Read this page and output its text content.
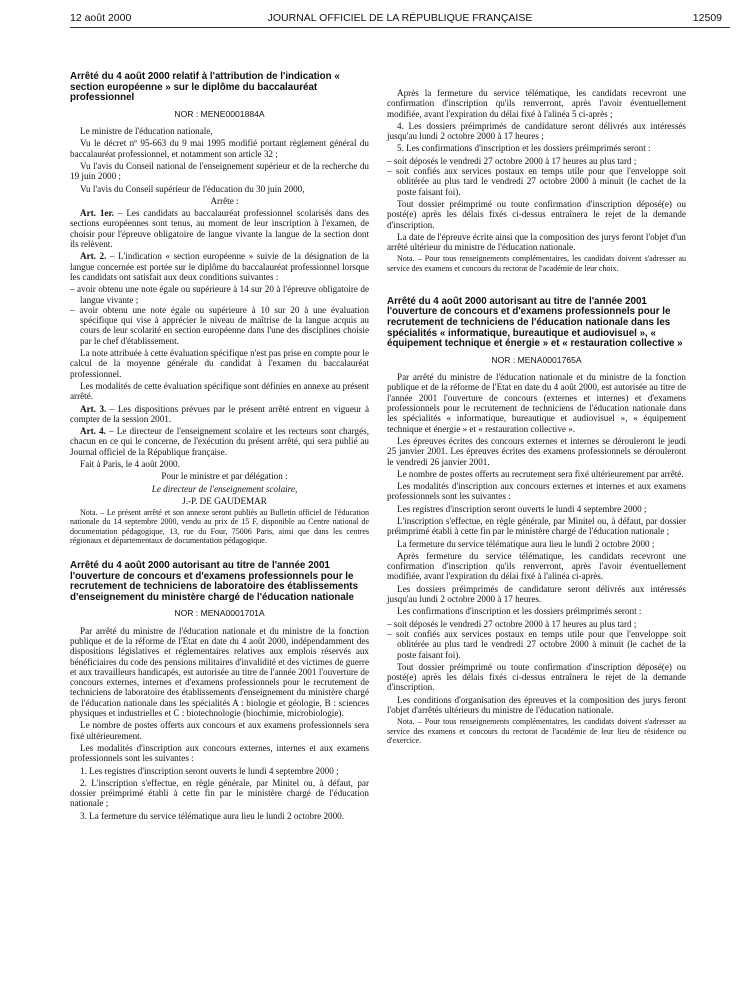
12 août 2000	JOURNAL OFFICIEL DE LA RÉPUBLIQUE FRANÇAISE	12509
Arrêté du 4 août 2000 relatif à l'attribution de l'indication « section européenne » sur le diplôme du baccalauréat professionnel
NOR : MENE0001884A

Le ministre de l'éducation nationale,

Vu le décret nº 95-663 du 9 mai 1995 modifié portant règlement général du baccalauréat professionnel, et notamment son article 32 ;

Vu l'avis du Conseil national de l'enseignement supérieur et de la recherche du 19 juin 2000 ;

Vu l'avis du Conseil supérieur de l'éducation du 30 juin 2000,

Arrête :

Art. 1er. – Les candidats au baccalauréat professionnel scolarisés dans des sections européennes sont tenus, au moment de leur inscription à l'examen, de choisir pour l'épreuve obligatoire de langue vivante la langue de la section dont ils relèvent.

Art. 2. – L'indication « section européenne » suivie de la désignation de la langue concernée est portée sur le diplôme du baccalauréat professionnel lorsque les candidats ont satisfait aux deux conditions suivantes :

– avoir obtenu une note égale ou supérieure à 14 sur 20 à l'épreuve obligatoire de langue vivante ;
– avoir obtenu une note égale ou supérieure à 10 sur 20 à une évaluation spécifique qui vise à apprécier le niveau de maîtrise de la langue acquis au cours de leur scolarité en section européenne dans l'une des disciplines choisie par le chef d'établissement.

La note attribuée à cette évaluation spécifique n'est pas prise en compte pour le calcul de la moyenne générale du candidat à l'examen du baccalauréat professionnel.

Les modalités de cette évaluation spécifique sont définies en annexe au présent arrêté.

Art. 3. – Les dispositions prévues par le présent arrêté entrent en vigueur à compter de la session 2001.

Art. 4. – Le directeur de l'enseignement scolaire et les recteurs sont chargés, chacun en ce qui le concerne, de l'exécution du présent arrêté, qui sera publié au Journal officiel de la République française.

Fait à Paris, le 4 août 2000.

Pour le ministre et par délégation :

Le directeur de l'enseignement scolaire,

J.-P. DE GAUDEMAR

Nota. – Le présent arrêté et son annexe seront publiés au Bulletin officiel de l'éducation nationale du 14 septembre 2000, vendu au prix de 15 F, disponible au Centre national de documentation pédagogique, 13, rue du Four, 75006 Paris, ainsi que dans les centres régionaux et départementaux de documentation pédagogique.

Arrêté du 4 août 2000 autorisant au titre de l'année 2001 l'ouverture de concours et d'examens professionnels pour le recrutement de techniciens de laboratoire des établissements d'enseignement du ministère chargé de l'éducation nationale
NOR : MENA0001701A

Par arrêté du ministre de l'éducation nationale et du ministre de la fonction publique et de la réforme de l'Etat en date du 4 août 2000, indépendamment des dispositions législatives et réglementaires relatives aux emplois réservés aux bénéficiaires du code des pensions militaires d'invalidité et des victimes de guerre et aux travailleurs handicapés, est autorisée au titre de l'année 2001 l'ouverture de concours externes, internes et d'examens professionnels pour le recrutement de techniciens de laboratoire des établissements d'enseignement du ministère chargé de l'éducation nationale dans les spécialités A : biologie et géologie, B : sciences physiques et industrielles et C : biotechnologie (biochimie, microbiologie).

Le nombre de postes offerts aux concours et aux examens professionnels sera fixé ultérieurement.

Les modalités d'inscription aux concours externes, internes et aux examens professionnels sont les suivantes :

1. Les registres d'inscription seront ouverts le lundi 4 septembre 2000 ;

2. L'inscription s'effectue, en règle générale, par Minitel ou, à défaut, par dossier préimprimé établi à cette fin par le ministère chargé de l'éducation nationale ;

3. La fermeture du service télématique aura lieu le lundi 2 octobre 2000.

Après la fermeture du service télématique, les candidats recevront une confirmation d'inscription qu'ils renverront, après l'avoir éventuellement modifiée, avant l'expiration du délai fixé à l'alinéa 5 ci-après ;

4. Les dossiers préimprimés de candidature seront délivrés aux intéressés jusqu'au lundi 2 octobre 2000 à 17 heures ;

5. Les confirmations d'inscription et les dossiers préimprimés seront :

– soit déposés le vendredi 27 octobre 2000 à 17 heures au plus tard ;
– soit confiés aux services postaux en temps utile pour que l'enveloppe soit oblitérée au plus tard le vendredi 27 octobre 2000 à minuit (le cachet de la poste faisant foi).

Tout dossier préimprimé ou toute confirmation d'inscription déposé(e) ou posté(e) après les délais fixés ci-dessus entraînera le rejet de la demande d'inscription.

La date de l'épreuve écrite ainsi que la composition des jurys feront l'objet d'un arrêté ultérieur du ministre de l'éducation nationale.

Nota. – Pour tous renseignements complémentaires, les candidats doivent s'adresser au service des examens et concours du rectorat de l'académie de leur choix.

Arrêté du 4 août 2000 autorisant au titre de l'année 2001 l'ouverture de concours et d'examens professionnels pour le recrutement de techniciens de l'éducation nationale dans les spécialités « informatique, bureautique et audiovisuel », « équipement technique et énergie » et « restauration collective »
NOR : MENA0001765A

Par arrêté du ministre de l'éducation nationale et du ministre de la fonction publique et de la réforme de l'Etat en date du 4 août 2000, est autorisée au titre de l'année 2001 l'ouverture de concours (externes et internes) et d'examens professionnels pour le recrutement de techniciens de l'éducation nationale dans les spécialités « informatique, bureautique et audiovisuel », « équipement technique et énergie » et « restauration collective ».

Les épreuves écrites des concours externes et internes se dérouleront le jeudi 25 janvier 2001. Les épreuves écrites des examens professionnels se dérouleront le vendredi 26 janvier 2001.

Le nombre de postes offerts au recrutement sera fixé ultérieurement par arrêté.

Les modalités d'inscription aux concours externes et internes et aux examens professionnels sont les suivantes :

Les registres d'inscription seront ouverts le lundi 4 septembre 2000 ;

L'inscription s'effectue, en règle générale, par Minitel ou, à défaut, par dossier préimprimé établi à cette fin par le ministère chargé de l'éducation nationale ;

La fermeture du service télématique aura lieu le lundi 2 octobre 2000 ;

Après fermeture du service télématique, les candidats recevront une confirmation d'inscription qu'ils renverront, après l'avoir éventuellement modifiée, avant l'expiration du délai fixé à l'alinéa ci-après.

Les dossiers préimprimés de candidature seront délivrés aux intéressés jusqu'au lundi 2 octobre 2000 à 17 heures.

Les confirmations d'inscription et les dossiers préimprimés seront :

– soit déposés le vendredi 27 octobre 2000 à 17 heures au plus tard ;
– soit confiés aux services postaux en temps utile pour que l'enveloppe soit oblitérée au plus tard le vendredi 27 octobre 2000 à minuit (le cachet de la poste faisant foi).

Tout dossier préimprimé ou toute confirmation d'inscription déposé(e) ou posté(e) après les délais fixés ci-dessus entraînera le rejet de la demande d'inscription.

Les conditions d'organisation des épreuves et la composition des jurys feront l'objet d'arrêtés ultérieurs du ministre de l'éducation nationale.

Nota. – Pour tous renseignements complémentaires, les candidats doivent s'adresser au service des examens et concours du rectorat de l'académie de leur lieu de résidence ou d'exercice.
